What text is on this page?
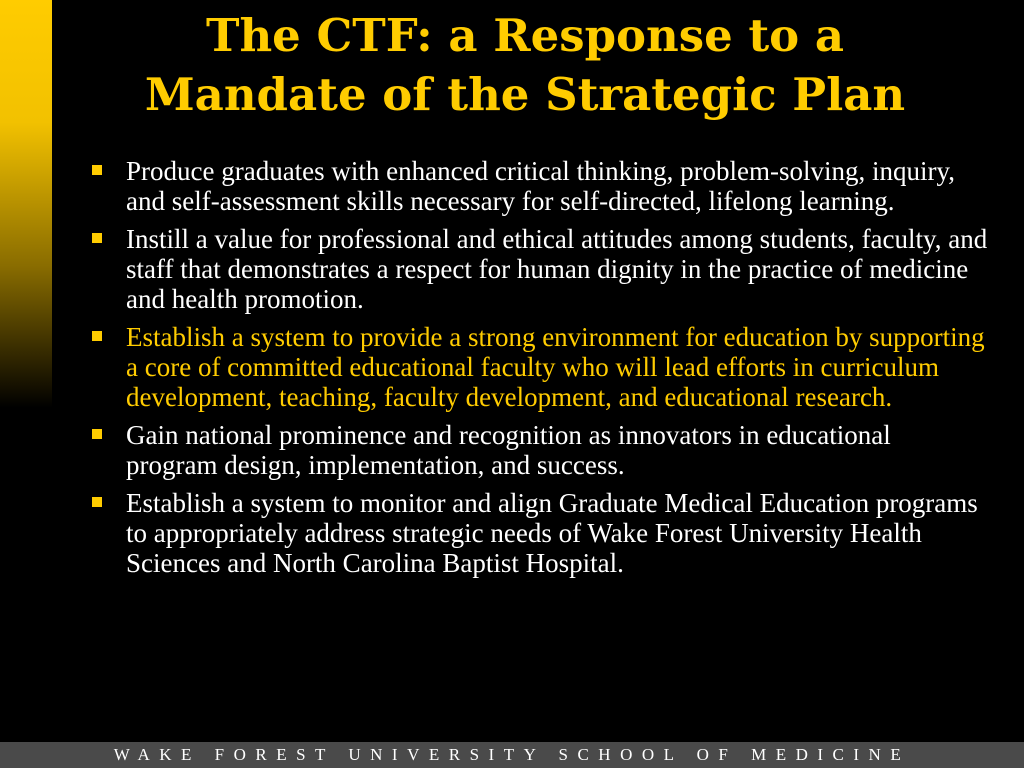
The CTF: a Response to a
Mandate of the Strategic Plan
Produce graduates with enhanced critical thinking, problem-solving, inquiry, and self-assessment skills necessary for self-directed, lifelong learning.
Instill a value for professional and ethical attitudes among students, faculty, and staff that demonstrates a respect for human dignity in the practice of medicine and health promotion.
Establish a system to provide a strong environment for education by supporting a core of committed educational faculty who will lead efforts in curriculum development, teaching, faculty development, and educational research.
Gain national prominence and recognition as innovators in educational program design, implementation, and success.
Establish a system to monitor and align Graduate Medical Education programs to appropriately address strategic needs of Wake Forest University Health Sciences and North Carolina Baptist Hospital.
WAKE FOREST UNIVERSITY SCHOOL OF MEDICINE
